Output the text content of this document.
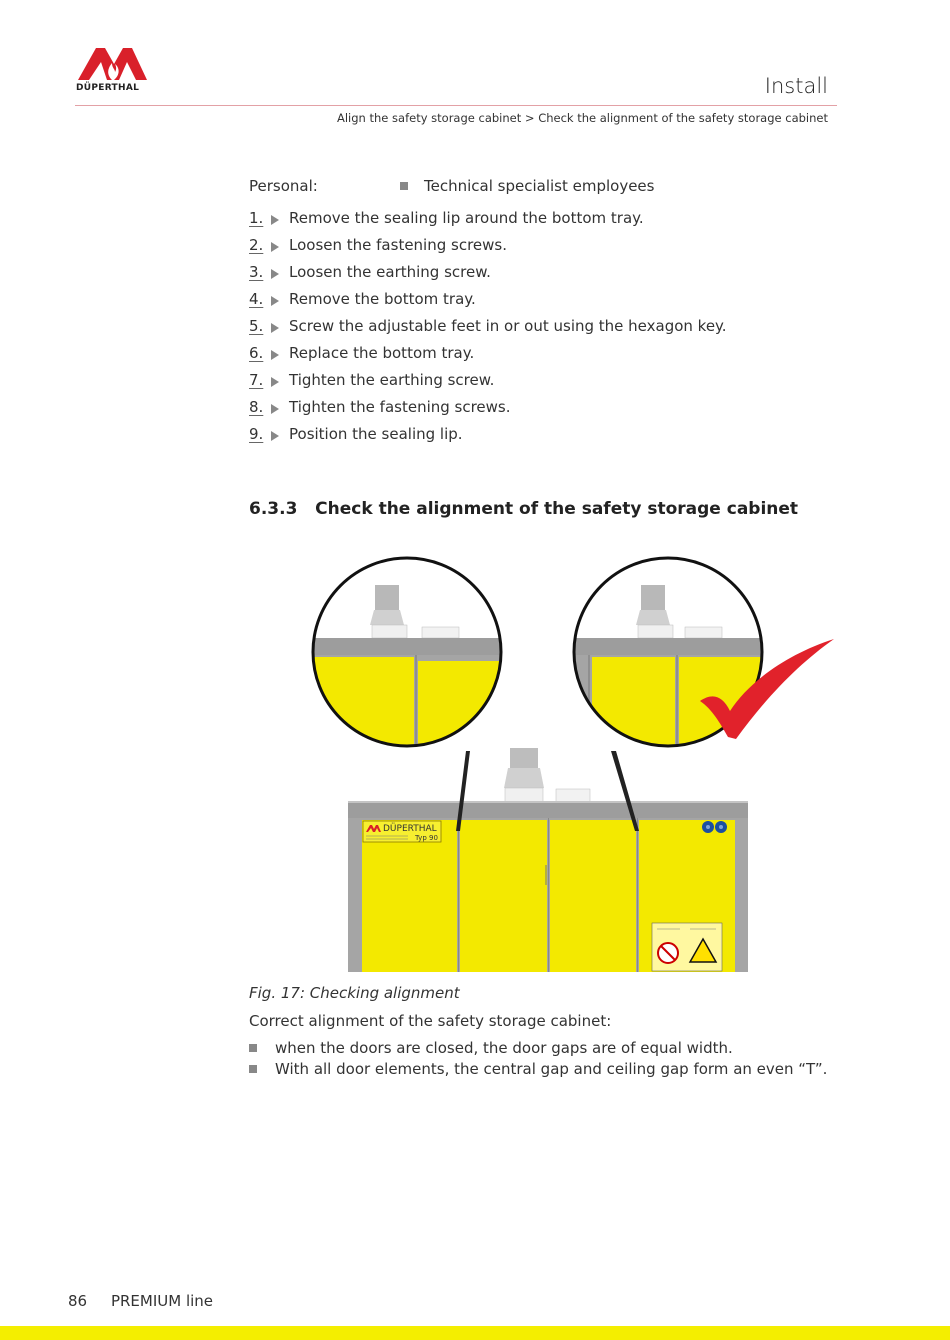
DÜPERTHAL	Install
Align the safety storage cabinet > Check the alignment of the safety storage cabinet
Personal:	Technical specialist employees
1. Remove the sealing lip around the bottom tray.
2. Loosen the fastening screws.
3. Loosen the earthing screw.
4. Remove the bottom tray.
5. Screw the adjustable feet in or out using the hexagon key.
6. Replace the bottom tray.
7. Tighten the earthing screw.
8. Tighten the fastening screws.
9. Position the sealing lip.
6.3.3   Check the alignment of the safety storage cabinet
DÜPERTHAL
Typ 90
Fig. 17: Checking alignment
Correct alignment of the safety storage cabinet:
when the doors are closed, the door gaps are of equal width.
With all door elements, the central gap and ceiling gap form an even “T”.
86 PREMIUM line
